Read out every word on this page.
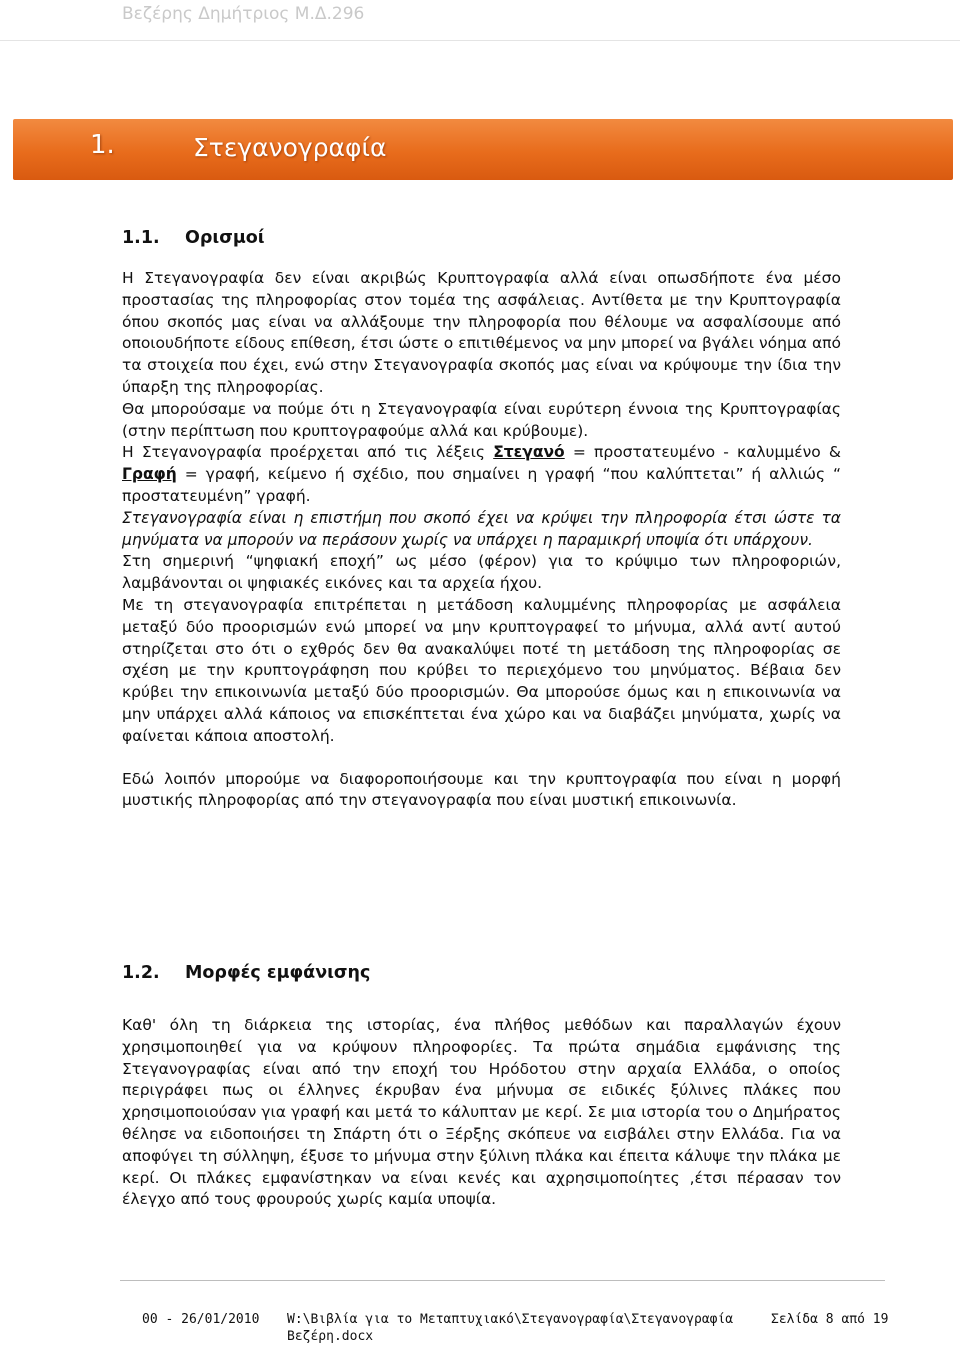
Βεζέρης Δημήτριος Μ.Δ.296
1.	Στεγανογραφία
1.1. Ορισμοί

Η Στεγανογραφία δεν είναι ακριβώς Κρυπτογραφία αλλά είναι οπωσδήποτε ένα μέσο προστασίας της πληροφορίας στον τομέα της ασφάλειας. Αντίθετα με την Κρυπτογραφία όπου σκοπός μας είναι να αλλάξουμε την πληροφορία που θέλουμε να ασφαλίσουμε από οποιουδήποτε είδους επίθεση, έτσι ώστε ο επιτιθέμενος να μην μπορεί να βγάλει νόημα από τα στοιχεία που έχει, ενώ στην Στεγανογραφία σκοπός μας είναι να κρύψουμε την ίδια την ύπαρξη της πληροφορίας.

Θα μπορούσαμε να πούμε ότι η Στεγανογραφία είναι ευρύτερη έννοια της Κρυπτογραφίας (στην περίπτωση που κρυπτογραφούμε αλλά και κρύβουμε).

Η Στεγανογραφία προέρχεται από τις λέξεις Στεγανό = προστατευμένο - καλυμμένο & Γραφή = γραφή, κείμενο ή σχέδιο, που σημαίνει η γραφή “που καλύπτεται” ή αλλιώς “ προστατευμένη” γραφή.

Στεγανογραφία είναι η επιστήμη που σκοπό έχει να κρύψει την πληροφορία έτσι ώστε τα μηνύματα να μπορούν να περάσουν χωρίς να υπάρχει η παραμικρή υποψία ότι υπάρχουν.

Στη σημερινή “ψηφιακή εποχή” ως μέσο (φέρον) για το κρύψιμο των πληροφοριών, λαμβάνονται οι ψηφιακές εικόνες και τα αρχεία ήχου.

Με τη στεγανογραφία επιτρέπεται η μετάδοση καλυμμένης πληροφορίας με ασφάλεια μεταξύ δύο προορισμών ενώ μπορεί να μην κρυπτογραφεί το μήνυμα, αλλά αντί αυτού στηρίζεται στο ότι ο εχθρός δεν θα ανακαλύψει ποτέ τη μετάδοση της πληροφορίας σε σχέση με την κρυπτογράφηση που κρύβει το περιεχόμενο του μηνύματος. Βέβαια δεν κρύβει την επικοινωνία μεταξύ δύο προορισμών. Θα μπορούσε όμως και η επικοινωνία να μην υπάρχει αλλά κάποιος να επισκέπτεται ένα χώρο και να διαβάζει μηνύματα, χωρίς να φαίνεται κάποια αποστολή.

Εδώ λοιπόν μπορούμε να διαφοροποιήσουμε και την κρυπτογραφία που είναι η μορφή μυστικής πληροφορίας από την στεγανογραφία που είναι μυστική επικοινωνία.

1.2. Μορφές εμφάνισης

Καθ' όλη τη διάρκεια της ιστορίας, ένα πλήθος μεθόδων και παραλλαγών έχουν χρησιμοποιηθεί για να κρύψουν πληροφορίες. Τα πρώτα σημάδια εμφάνισης της Στεγανογραφίας είναι από την εποχή του Ηρόδοτου στην αρχαία Ελλάδα, ο οποίος περιγράφει πως οι έλληνες έκρυβαν ένα μήνυμα σε ειδικές ξύλινες πλάκες που χρησιμοποιούσαν για γραφή και μετά το κάλυπταν με κερί. Σε μια ιστορία του ο Δημήρατος θέλησε να ειδοποιήσει τη Σπάρτη ότι ο Ξέρξης σκόπευε να εισβάλει στην Ελλάδα. Για να αποφύγει τη σύλληψη, έξυσε το μήνυμα στην ξύλινη πλάκα και έπειτα κάλυψε την πλάκα με κερί. Οι πλάκες εμφανίστηκαν να είναι κενές και αχρησιμοποίητες ,έτσι πέρασαν τον έλεγχο από τους φρουρούς χωρίς καμία υποψία.

00 - 26/01/2010 W:\Βιβλία για το Μεταπτυχιακό\Στεγανογραφία\Στεγανογραφία
Βεζέρη.docx
Σελίδα 8 από 19
